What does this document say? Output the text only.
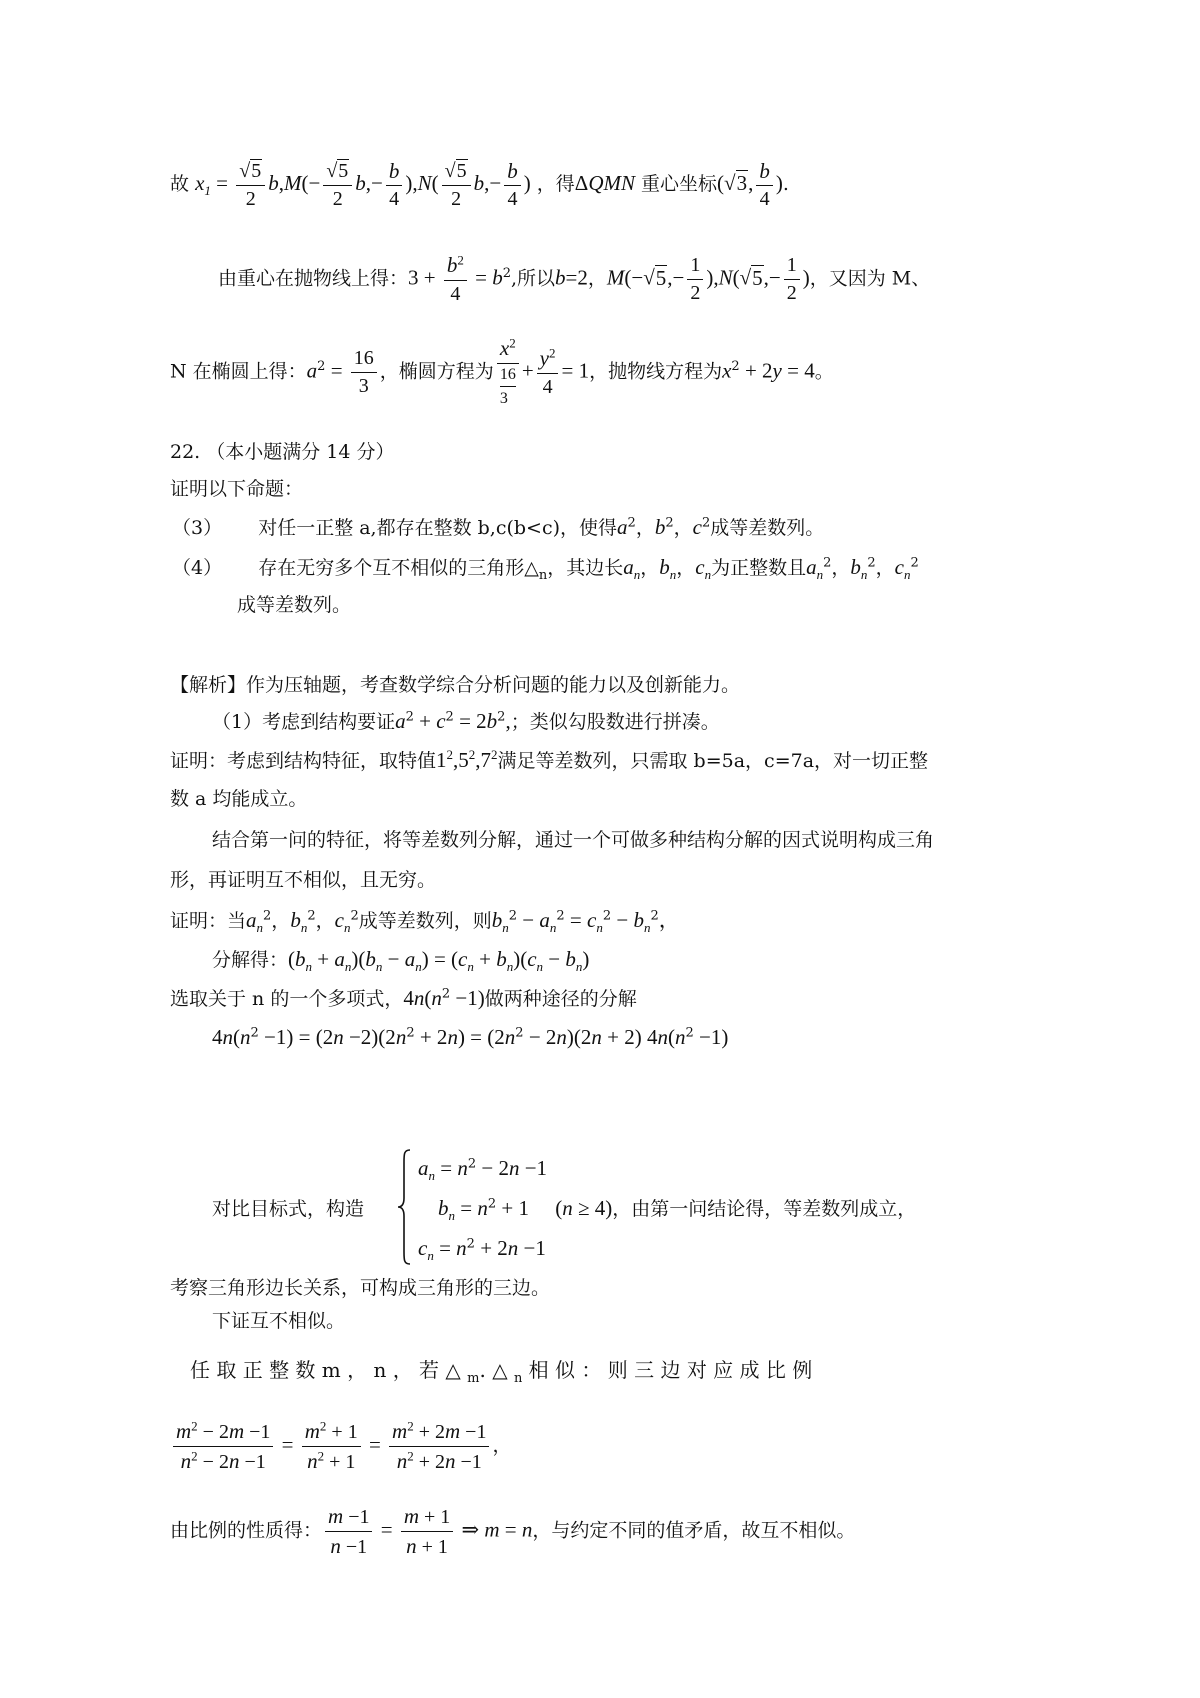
故 $x_1 = \frac{√5}{2} b,M(- \frac{√5}{2} b,- \frac{b}{4} ),N( \frac{√5}{2} b,- \frac{b}{4}$ ) ，得ΔQMN 重心坐标(√3, $\frac{b}{4}$ ).
由重心在抛物线上得：$3 + \frac{b^2}{4} = b^2$,所以b=2，$M(-√5,- \frac{1}{2} ),N(√5,- \frac{1}{2}$ )，又因为 M、
N 在椭圆上得：$a^2 = \frac{16}{3}$ ，椭圆方程为
$x^2$
16
3
+ $\frac{y^2}{4} = 1$，抛物线方程为$x^2 + 2y = 4$。
22. （本小题满分 14 分）
证明以下命题：
（3） 对任一正整 a,都存在整数 b,c(b<c)，使得$a^2$，$b^2$，$c^2$成等差数列。
（4） 存在无穷多个互不相似的三角形$\triangle_n$，其边长$a_n$，$b_n$，$c_n$为正整数且$a_n^2$，$b_n^2$，$c_n^2$
成等差数列。
【解析】作为压轴题，考查数学综合分析问题的能力以及创新能力。
（1）考虑到结构要证$a^2 + c^2 = 2b^2$,；类似勾股数进行拼凑。
证明：考虑到结构特征，取特值$1^2,5^2,7^2$满足等差数列，只需取 b=5a，c=7a，对一切正整
数 a 均能成立。
结合第一问的特征，将等差数列分解，通过一个可做多种结构分解的因式说明构成三角
形，再证明互不相似，且无穷。
证明：当$a_n^2$，$b_n^2$，$c_n^2$成等差数列，则$b_n^2 - a_n^2 = c_n^2 - b_n^2$，
分解得：$(b_n + a_n)(b_n - a_n) = (c_n + b_n)(c_n - b_n)$
选取关于 n 的一个多项式，$4n(n^2 -1)$做两种途径的分解
$4n(n^2 -1) = (2n -2)(2n^2 + 2n) = (2n^2 - 2n)(2n + 2)$ $4n(n^2 -1)$
对比目标式，构造
$a_n = n^2 - 2n -1$
$b_n = n^2 + 1$     (n ≥ 4)，由第一问结论得，等差数列成立，
$c_n = n^2 + 2n -1$
考察三角形边长关系，可构成三角形的三边。
下证互不相似。
任 取 正 整 数 m ， n ， 若 △ $_m$. △ $_n$ 相 似 ： 则 三 边 对 应 成 比 例
$\frac{m^2 - 2m -1}{n^2 - 2n -1} = \frac{m^2 + 1}{n^2 + 1} = \frac{m^2 + 2m -1}{n^2 + 2n -1}$ ，
由比例的性质得： $\frac{m -1}{n -1} = \frac{m + 1}{n + 1}$ ⇒ m = n，与约定不同的值矛盾，故互不相似。
